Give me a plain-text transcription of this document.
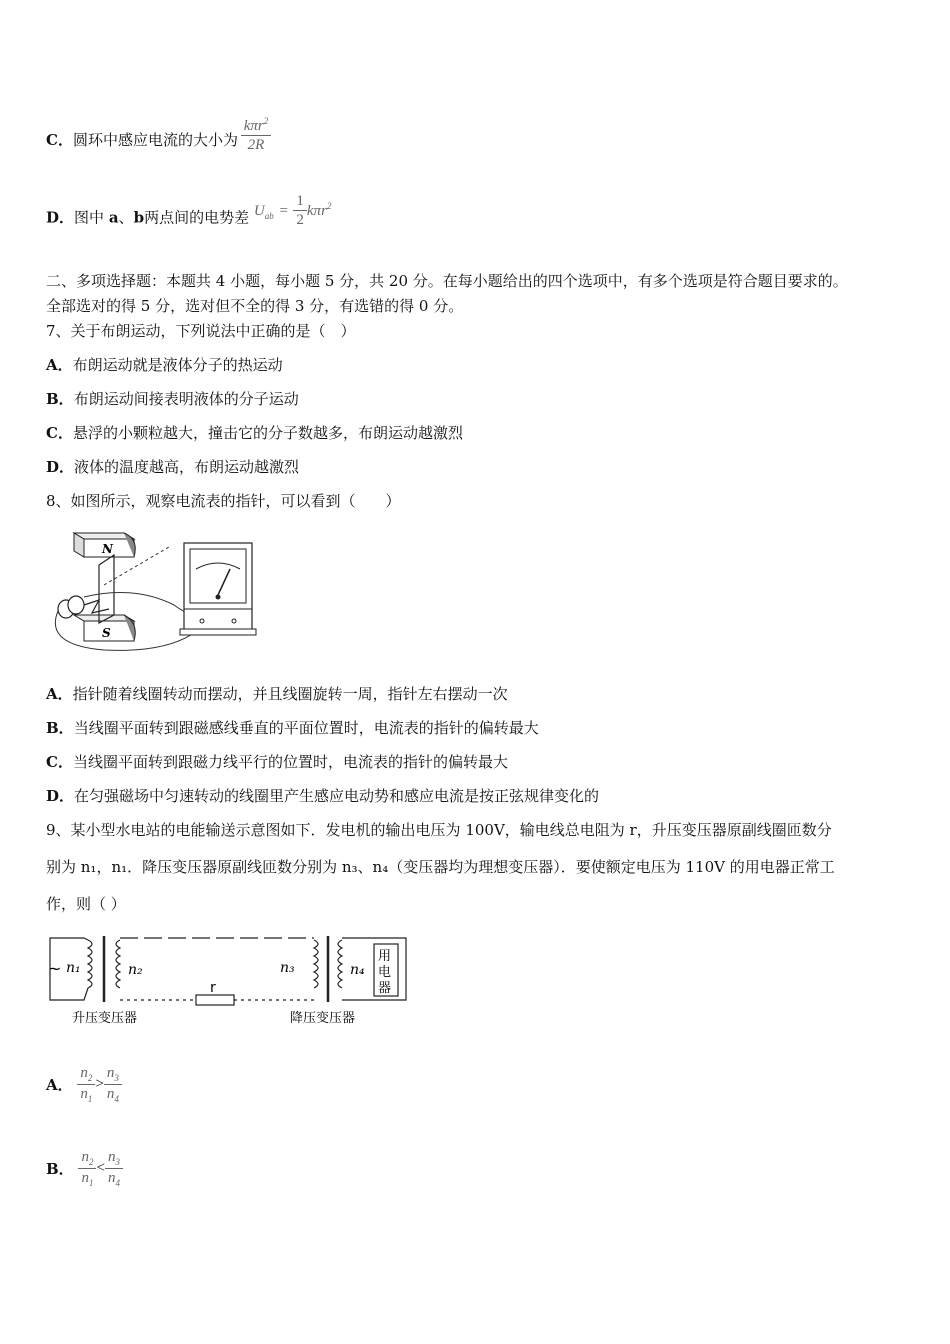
C．圆环中感应电流的大小为 $\frac{k\pi r^2}{2R}$
D．图中 a、b两点间的电势差 $U_{ab} = \frac{1}{2} k\pi r^2$
二、多项选择题：本题共 4 小题，每小题 5 分，共 20 分。在每小题给出的四个选项中，有多个选项是符合题目要求的。
全部选对的得 5 分，选对但不全的得 3 分，有选错的得 0 分。
7、关于布朗运动，下列说法中正确的是（　）
A．布朗运动就是液体分子的热运动
B．布朗运动间接表明液体的分子运动
C．悬浮的小颗粒越大，撞击它的分子数越多，布朗运动越激烈
D．液体的温度越高，布朗运动越激烈
8、如图所示，观察电流表的指针，可以看到（　　）
N
S
A．指针随着线圈转动而摆动，并且线圈旋转一周，指针左右摆动一次
B．当线圈平面转到跟磁感线垂直的平面位置时，电流表的指针的偏转最大
C．当线圈平面转到跟磁力线平行的位置时，电流表的指针的偏转最大
D．在匀强磁场中匀速转动的线圈里产生感应电动势和感应电流是按正弦规律变化的
9、某小型水电站的电能输送示意图如下．发电机的输出电压为 100V，输电线总电阻为 r，升压变压器原副线圈匝数分
别为 n₁，n₁．降压变压器原副线匝数分别为 n₃、n₄（变压器均为理想变压器）．要使额定电压为 110V 的用电器正常工
作，则（ ）
~ n₁	n₂
r
n₃	n₄
用
电
器
升压变压器	降压变压器
A． $\frac{n_2}{n_1} > \frac{n_3}{n_4}$
B． $\frac{n_2}{n_1} < \frac{n_3}{n_4}$
